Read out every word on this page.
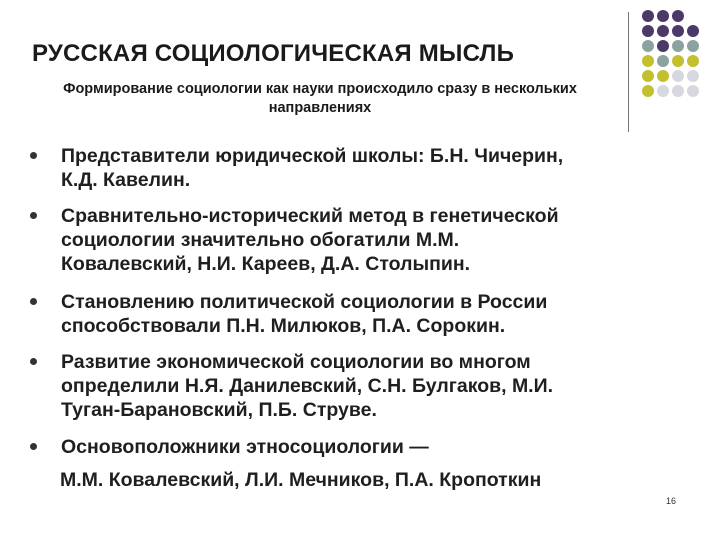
РУССКАЯ СОЦИОЛОГИЧЕСКАЯ МЫСЛЬ
Формирование социологии как науки происходило сразу в нескольких направлениях
Представители юридической школы: Б.Н. Чичерин,
К.Д. Кавелин.
Сравнительно-исторический метод в генетической
социологии значительно обогатили М.М.
Ковалевский, Н.И. Кареев, Д.А. Столыпин.
Становлению политической социологии в России
способствовали П.Н. Милюков, П.А. Сорокин.
Развитие экономической социологии во многом
определили Н.Я. Данилевский, С.Н. Булгаков, М.И.
Туган-Барановский, П.Б. Струве.
Основоположники этносоциологии —
М.М. Ковалевский, Л.И. Мечников, П.А. Кропоткин
16
